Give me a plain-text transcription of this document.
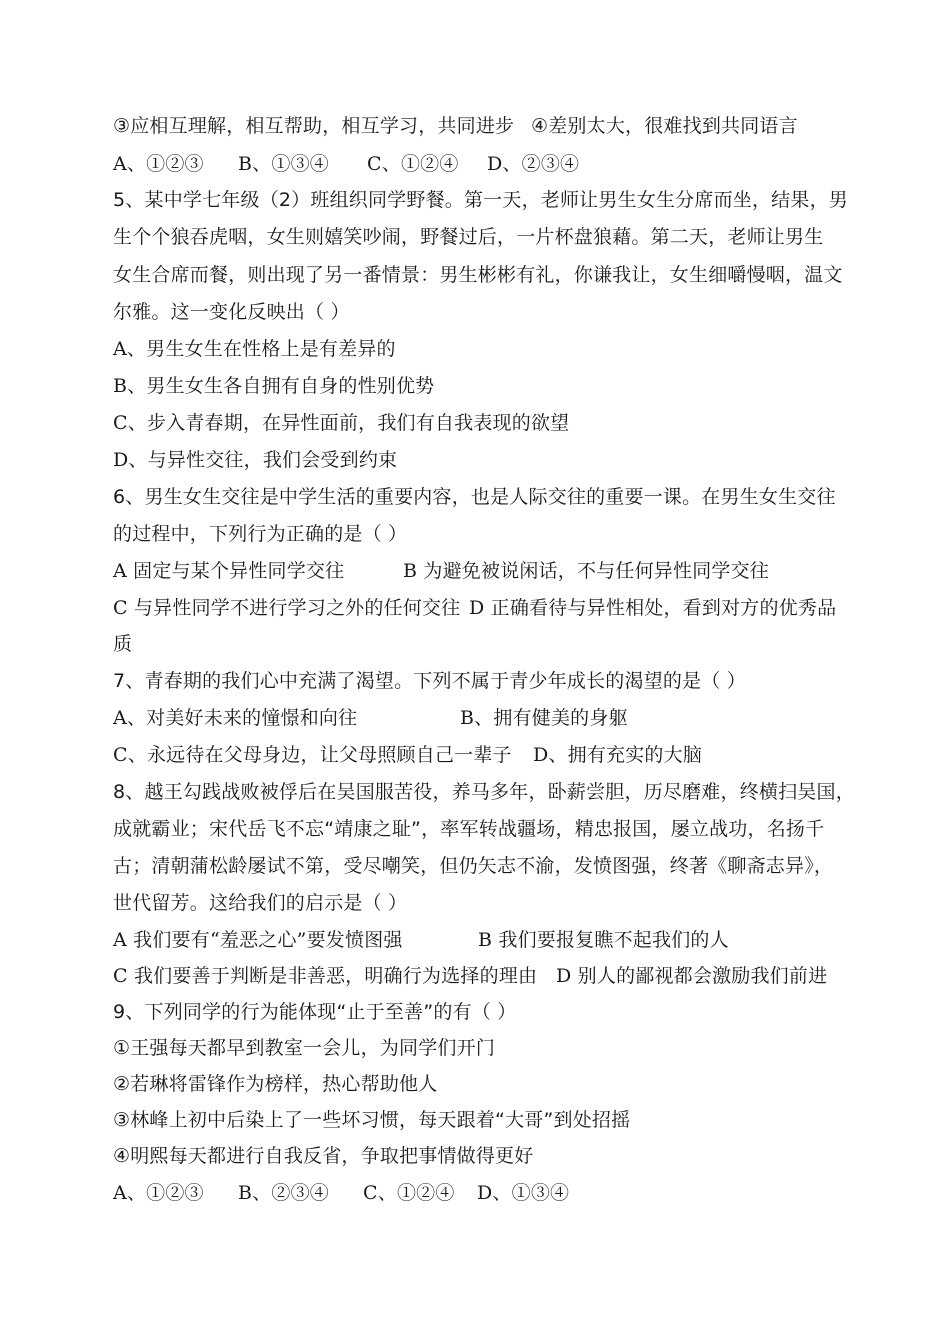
③应相互理解，相互帮助，相互学习，共同进步 ④差别太大，很难找到共同语言
A、①②③ B、①③④ C、①②④ D、②③④
5、某中学七年级（2）班组织同学野餐。第一天，老师让男生女生分席而坐，结果，男
生个个狼吞虎咽，女生则嬉笑吵闹，野餐过后，一片杯盘狼藉。第二天，老师让男生
女生合席而餐，则出现了另一番情景：男生彬彬有礼，你谦我让，女生细嚼慢咽，温文
尔雅。这一变化反映出（ ）
A、男生女生在性格上是有差异的
B、男生女生各自拥有自身的性别优势
C、步入青春期，在异性面前，我们有自我表现的欲望
D、与异性交往，我们会受到约束
6、男生女生交往是中学生活的重要内容，也是人际交往的重要一课。在男生女生交往
的过程中，下列行为正确的是（ ）
A 固定与某个异性同学交往	B 为避免被说闲话，不与任何异性同学交往
C 与异性同学不进行学习之外的任何交往 D 正确看待与异性相处，看到对方的优秀品
质
7、青春期的我们心中充满了渴望。下列不属于青少年成长的渴望的是（ ）
A、对美好未来的憧憬和向往	B、拥有健美的身躯
C、永远待在父母身边，让父母照顾自己一辈子 D、拥有充实的大脑
8、越王勾践战败被俘后在吴国服苦役，养马多年，卧薪尝胆，历尽磨难，终横扫吴国，
成就霸业；宋代岳飞不忘“靖康之耻”，率军转战疆场，精忠报国，屡立战功，名扬千
古；清朝蒲松龄屡试不第，受尽嘲笑，但仍矢志不渝，发愤图强，终著《聊斋志异》，
世代留芳。这给我们的启示是（ ）
A 我们要有“羞恶之心”要发愤图强	B 我们要报复瞧不起我们的人
C 我们要善于判断是非善恶，明确行为选择的理由 D 别人的鄙视都会激励我们前进
9、下列同学的行为能体现“止于至善”的有（ ）
①王强每天都早到教室一会儿，为同学们开门
②若琳将雷锋作为榜样，热心帮助他人
③林峰上初中后染上了一些坏习惯，每天跟着“大哥”到处招摇
④明熙每天都进行自我反省，争取把事情做得更好
A、①②③ B、②③④ C、①②④ D、①③④
